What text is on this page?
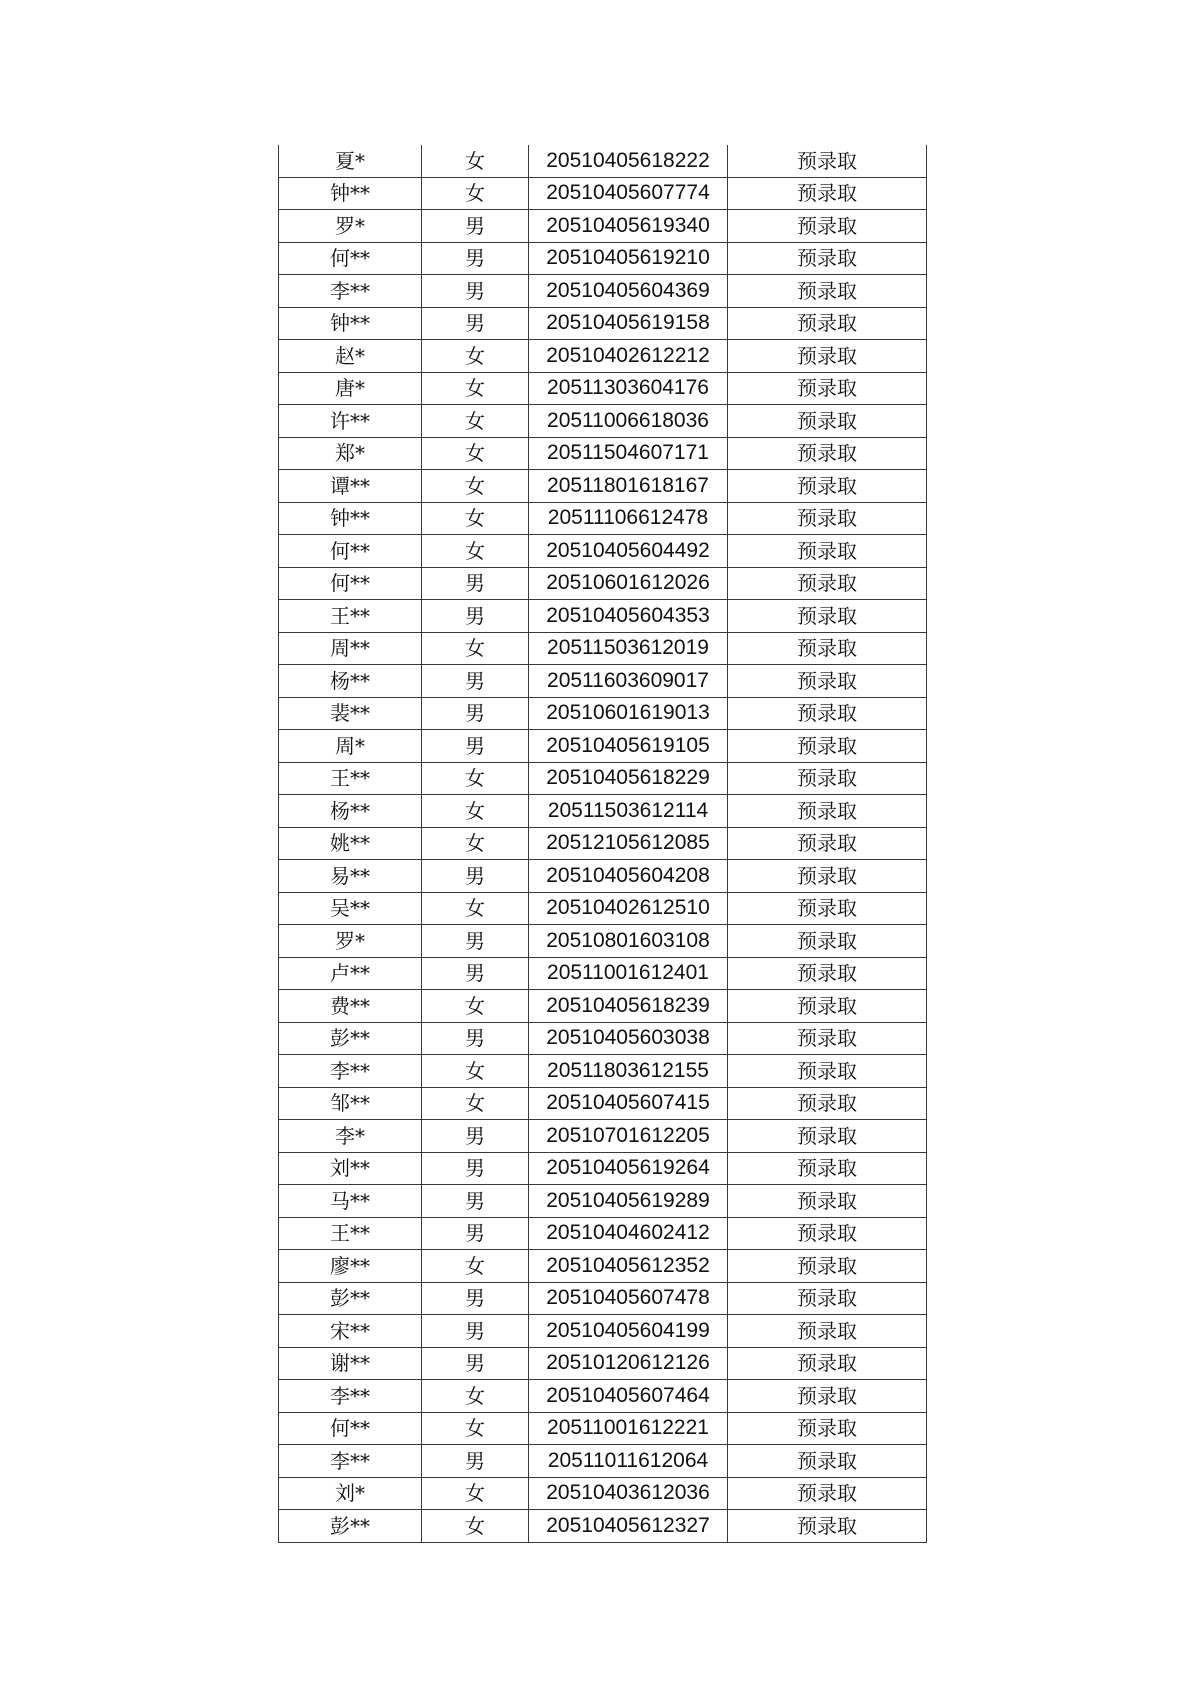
夏*	女	20510405618222	预录取
钟**	女	20510405607774	预录取
罗*	男	20510405619340	预录取
何**	男	20510405619210	预录取
李**	男	20510405604369	预录取
钟**	男	20510405619158	预录取
赵*	女	20510402612212	预录取
唐*	女	20511303604176	预录取
许**	女	20511006618036	预录取
郑*	女	20511504607171	预录取
谭**	女	20511801618167	预录取
钟**	女	20511106612478	预录取
何**	女	20510405604492	预录取
何**	男	20510601612026	预录取
王**	男	20510405604353	预录取
周**	女	20511503612019	预录取
杨**	男	20511603609017	预录取
裴**	男	20510601619013	预录取
周*	男	20510405619105	预录取
王**	女	20510405618229	预录取
杨**	女	20511503612114	预录取
姚**	女	20512105612085	预录取
易**	男	20510405604208	预录取
吴**	女	20510402612510	预录取
罗*	男	20510801603108	预录取
卢**	男	20511001612401	预录取
费**	女	20510405618239	预录取
彭**	男	20510405603038	预录取
李**	女	20511803612155	预录取
邹**	女	20510405607415	预录取
李*	男	20510701612205	预录取
刘**	男	20510405619264	预录取
马**	男	20510405619289	预录取
王**	男	20510404602412	预录取
廖**	女	20510405612352	预录取
彭**	男	20510405607478	预录取
宋**	男	20510405604199	预录取
谢**	男	20510120612126	预录取
李**	女	20510405607464	预录取
何**	女	20511001612221	预录取
李**	男	20511011612064	预录取
刘*	女	20510403612036	预录取
彭**	女	20510405612327	预录取
